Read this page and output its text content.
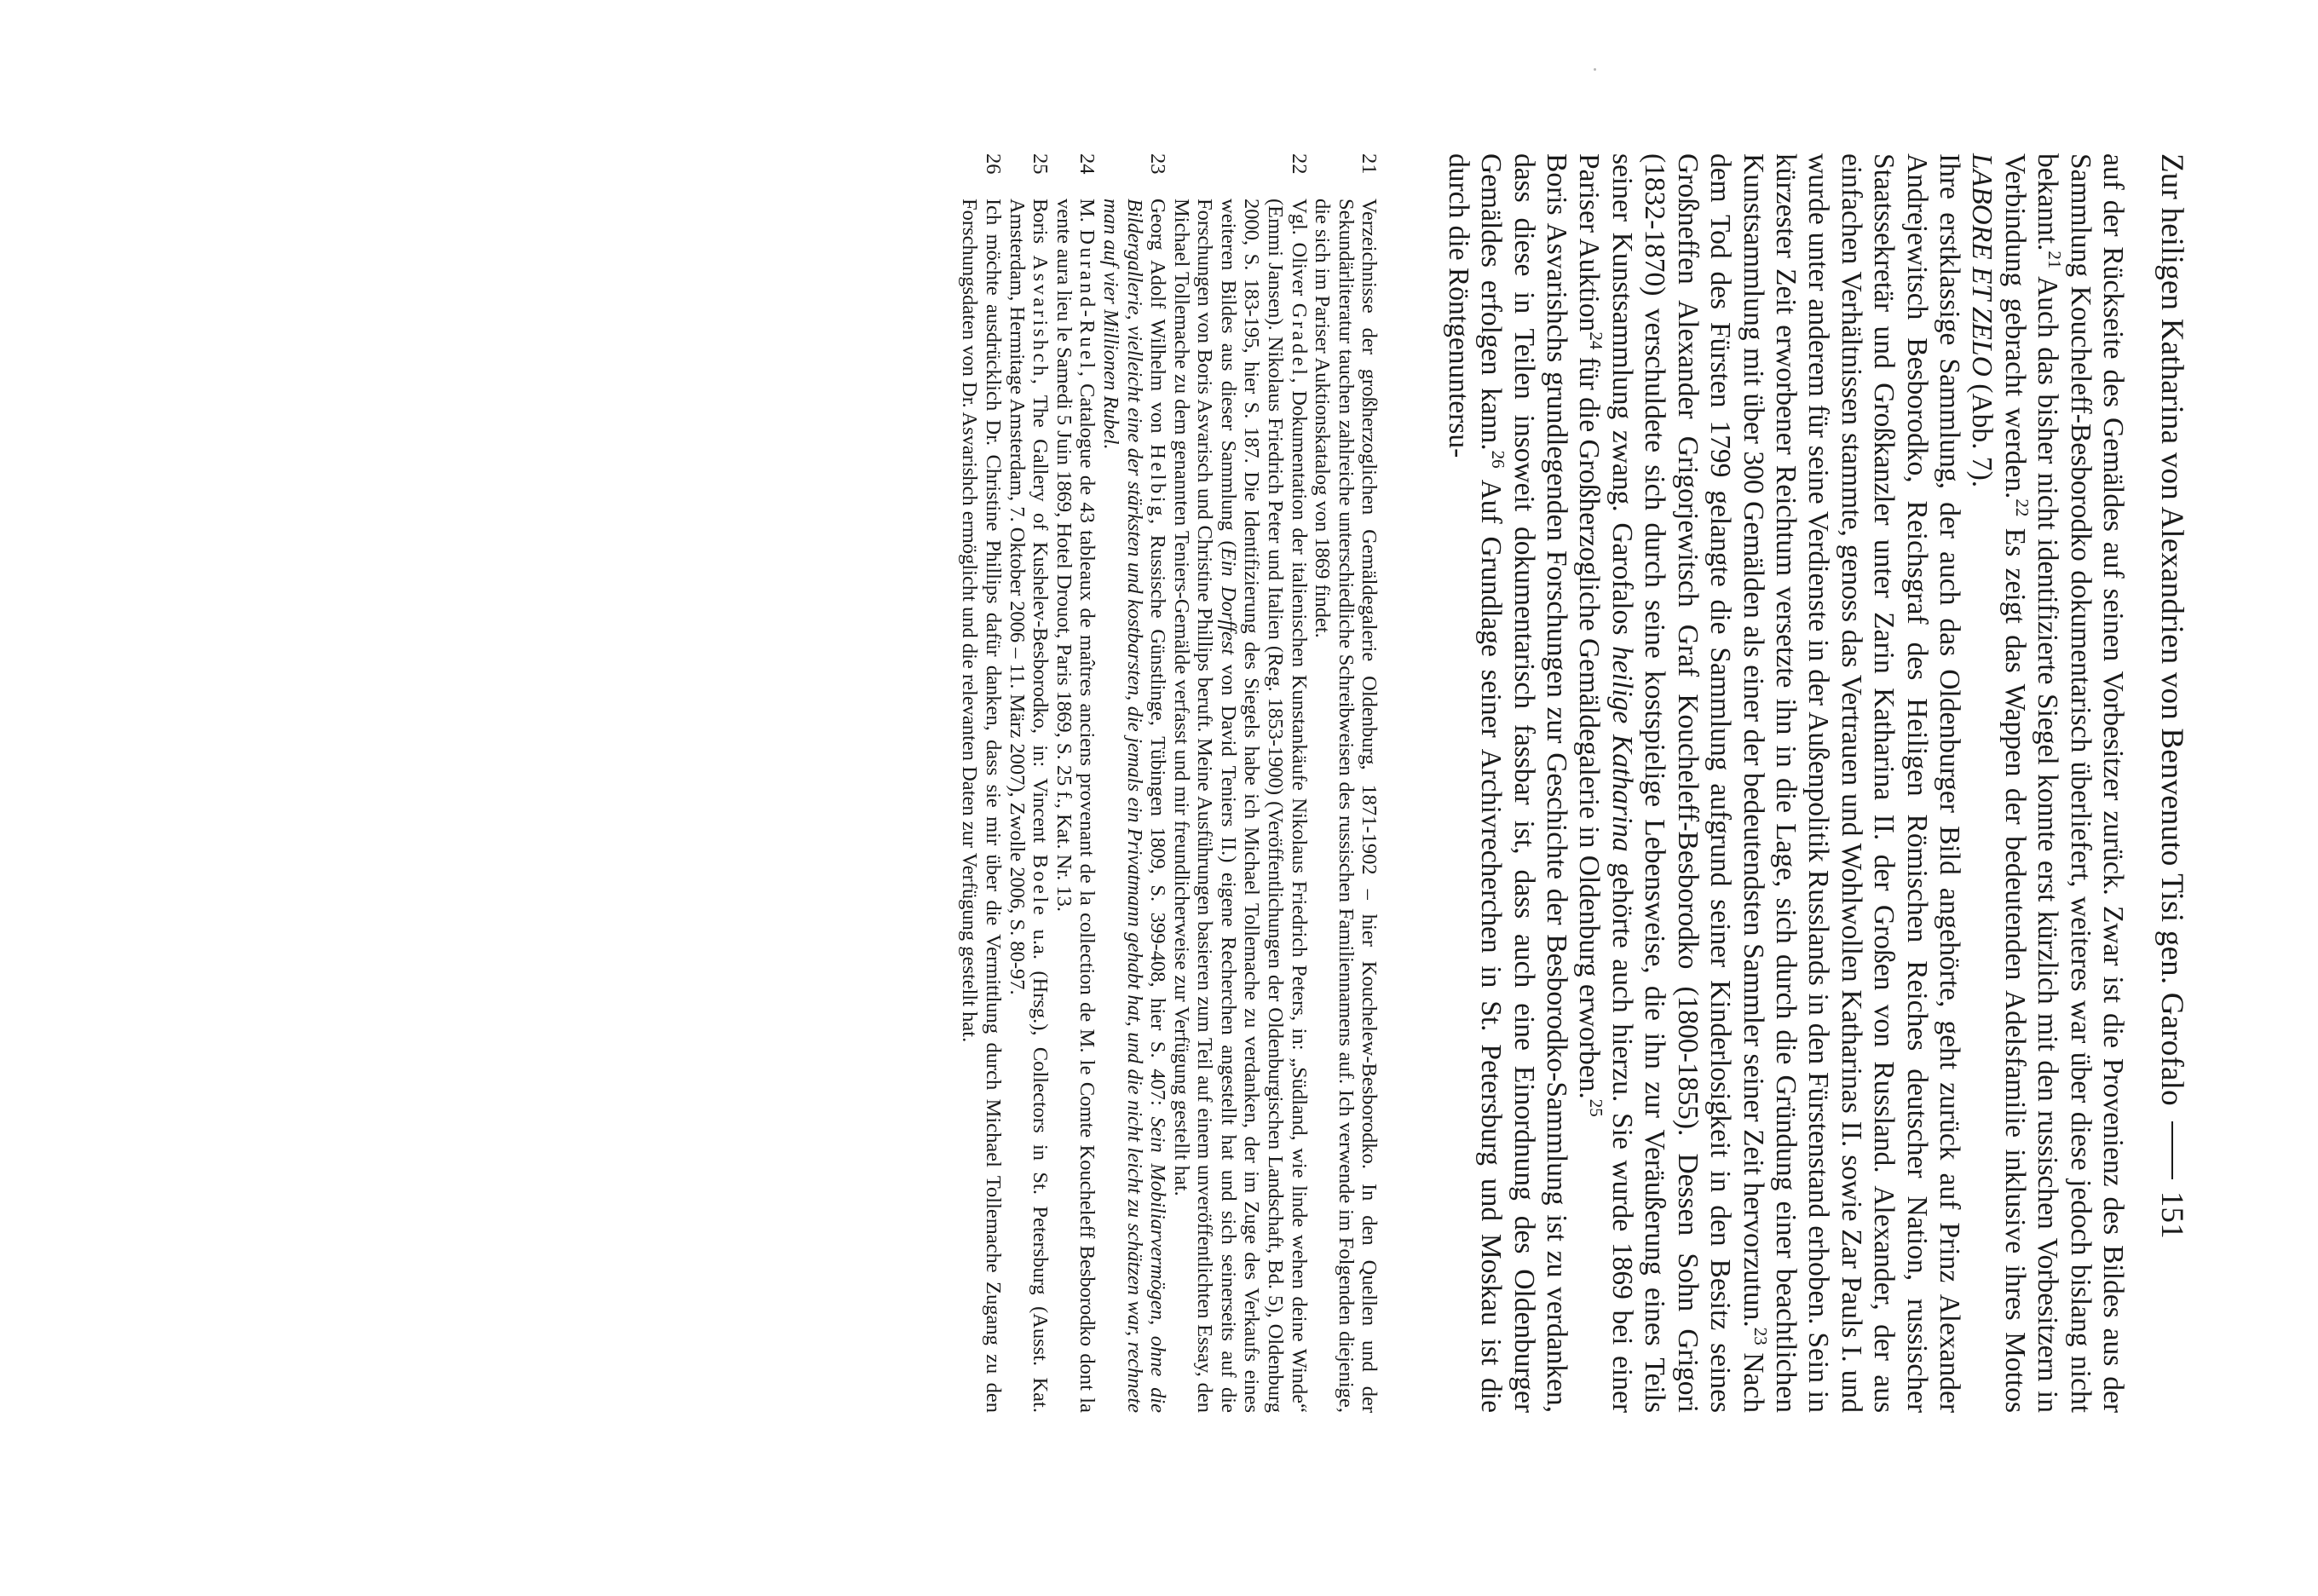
Zur heiligen Katharina von Alexandrien von Benvenuto Tisi gen. Garofalo
151

auf der Rückseite des Gemäldes auf seinen Vorbesitzer zurück. Zwar ist die Provenienz des Bildes aus der Sammlung Koucheleff-Besborodko dokumentarisch überliefert, weiteres war über diese jedoch bislang nicht bekannt.$^{21}$ Auch das bisher nicht identifizierte Siegel konnte erst kürzlich mit den russischen Vorbesitzern in Verbindung gebracht werden.$^{22}$ Es zeigt das Wappen der bedeutenden Adelsfamilie inklusive ihres Mottos LABORE ET ZELO (Abb. 7).

Ihre erstklassige Sammlung, der auch das Oldenburger Bild angehörte, geht zurück auf Prinz Alexander Andrejewitsch Besborodko, Reichsgraf des Heiligen Römischen Reiches deutscher Nation, russischer Staatssekretär und Großkanzler unter Zarin Katharina II. der Großen von Russland. Alexander, der aus einfachen Verhältnissen stammte, genoss das Vertrauen und Wohlwollen Katharinas II. sowie Zar Pauls I. und wurde unter anderem für seine Verdienste in der Außenpolitik Russlands in den Fürstenstand erhoben. Sein in kürzester Zeit erworbener Reichtum versetzte ihn in die Lage, sich durch die Gründung einer beachtlichen Kunstsammlung mit über 300 Gemälden als einer der bedeutendsten Sammler seiner Zeit hervorzutun.$^{23}$ Nach dem Tod des Fürsten 1799 gelangte die Sammlung aufgrund seiner Kinderlosigkeit in den Besitz seines Großneffen Alexander Grigorjewitsch Graf Koucheleff-Besborodko (1800-1855). Dessen Sohn Grigori (1832-1870) verschuldete sich durch seine kostspielige Lebensweise, die ihn zur Veräußerung eines Teils seiner Kunstsammlung zwang. Garofalos heilige Katharina gehörte auch hierzu. Sie wurde 1869 bei einer Pariser Auktion$^{24}$ für die Großherzogliche Gemäldegalerie in Oldenburg erworben.$^{25}$

Boris Asvarishchs grundlegenden Forschungen zur Geschichte der Besborodko-Sammlung ist zu verdanken, dass diese in Teilen insoweit dokumentarisch fassbar ist, dass auch eine Einordnung des Oldenburger Gemäldes erfolgen kann.$^{26}$ Auf Grundlage seiner Archivrecherchen in St. Petersburg und Moskau ist die durch die Röntgenuntersu-

21
Verzeichnisse der großherzoglichen Gemäldegalerie Oldenburg, 1871-1902 – hier Kouchelew-Besborodko. In den Quellen und der Sekundärliteratur tauchen zahlreiche unterschiedliche Schreibweisen des russischen Familiennamens auf. Ich verwende im Folgenden diejenige, die sich im Pariser Auktionskatalog von 1869 findet.
22
Vgl. Oliver Gradel, Dokumentation der italienischen Kunstankäufe Nikolaus Friedrich Peters, in: „Südland, wie linde wehen deine Winde“ (Emmi Jansen). Nikolaus Friedrich Peter und Italien (Reg. 1853-1900) (Veröffentlichungen der Oldenburgischen Landschaft, Bd. 5), Oldenburg 2000, S. 183-195, hier S. 187. Die Identifizierung des Siegels habe ich Michael Tollemache zu verdanken, der im Zuge des Verkaufs eines weiteren Bildes aus dieser Sammlung (Ein Dorffest von David Teniers II.) eigene Recherchen angestellt hat und sich seinerseits auf die Forschungen von Boris Asvarisch und Christine Phillips beruft. Meine Ausführungen basieren zum Teil auf einem unveröffentlichten Essay, den Michael Tollemache zu dem genannten Teniers-Gemälde verfasst und mir freundlicherweise zur Verfügung gestellt hat.
23
Georg Adolf Wilhelm von Helbig, Russische Günstlinge, Tübingen 1809, S. 399-408, hier S. 407: Sein Mobiliarvermögen, ohne die Bildergallerie, vielleicht eine der stärksten und kostbarsten, die jemals ein Privatmann gehabt hat, und die nicht leicht zu schätzen war, rechnete man auf vier Millionen Rubel.
24
M. Durand-Ruel, Catalogue de 43 tableaux de maîtres anciens provenant de la collection de M. le Comte Koucheleff Besborodko dont la vente aura lieu le Samedi 5 Juin 1869, Hotel Drouot, Paris 1869, S. 25 f., Kat. Nr. 13.
25
Boris Asvarishch, The Gallery of Kushelev-Besborodko, in: Vincent Boele u.a. (Hrsg.), Collectors in St. Petersburg (Ausst. Kat. Amsterdam, Hermitage Amsterdam, 7. Oktober 2006 – 11. März 2007), Zwolle 2006, S. 80-97.
26
Ich möchte ausdrücklich Dr. Christine Phillips dafür danken, dass sie mir über die Vermittlung durch Michael Tollemache Zugang zu den Forschungsdaten von Dr. Asvarishch ermöglicht und die relevanten Daten zur Verfügung gestellt hat.
